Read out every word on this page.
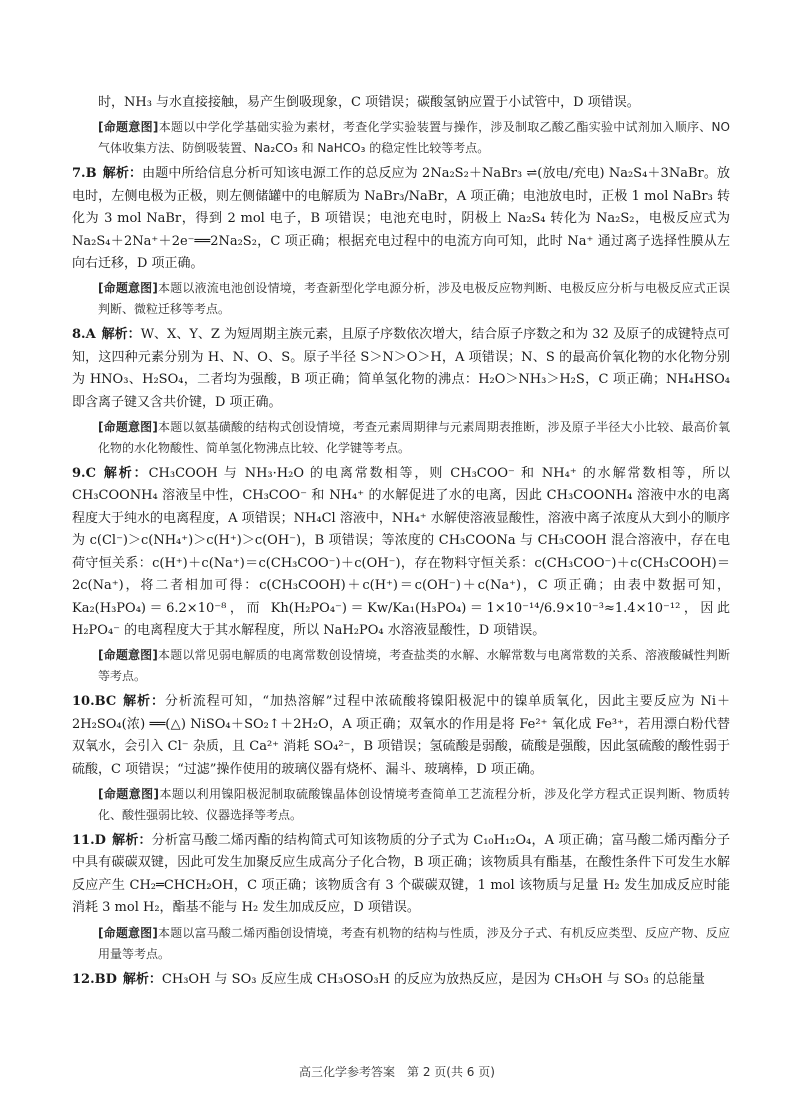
时，NH₃ 与水直接接触，易产生倒吸现象，C 项错误；碳酸氢钠应置于小试管中，D 项错误。

[命题意图]本题以中学化学基础实验为素材，考查化学实验装置与操作，涉及制取乙酸乙酯实验中试剂加入顺序、NO 气体收集方法、防倒吸装置、Na₂CO₃ 和 NaHCO₃ 的稳定性比较等考点。

7.B 解析：由题中所给信息分析可知该电源工作的总反应为 2Na₂S₂＋NaBr₃ ⇌(放电/充电) Na₂S₄＋3NaBr。放电时，左侧电极为正极，则左侧储罐中的电解质为 NaBr₃/NaBr，A 项正确；电池放电时，正极 1 mol NaBr₃ 转化为 3 mol NaBr，得到 2 mol 电子，B 项错误；电池充电时，阴极上 Na₂S₄ 转化为 Na₂S₂，电极反应式为 Na₂S₄＋2Na⁺＋2e⁻══2Na₂S₂，C 项正确；根据充电过程中的电流方向可知，此时 Na⁺ 通过离子选择性膜从左向右迁移，D 项正确。

[命题意图]本题以液流电池创设情境，考查新型化学电源分析，涉及电极反应物判断、电极反应分析与电极反应式正误判断、微粒迁移等考点。

8.A 解析：W、X、Y、Z 为短周期主族元素，且原子序数依次增大，结合原子序数之和为 32 及原子的成键特点可知，这四种元素分别为 H、N、O、S。原子半径 S＞N＞O＞H，A 项错误；N、S 的最高价氧化物的水化物分别为 HNO₃、H₂SO₄，二者均为强酸，B 项正确；简单氢化物的沸点：H₂O＞NH₃＞H₂S，C 项正确；NH₄HSO₄ 即含离子键又含共价键，D 项正确。

[命题意图]本题以氨基磺酸的结构式创设情境，考查元素周期律与元素周期表推断，涉及原子半径大小比较、最高价氧化物的水化物酸性、简单氢化物沸点比较、化学键等考点。

9.C 解析：CH₃COOH 与 NH₃·H₂O 的电离常数相等，则 CH₃COO⁻ 和 NH₄⁺ 的水解常数相等，所以 CH₃COONH₄ 溶液呈中性，CH₃COO⁻ 和 NH₄⁺ 的水解促进了水的电离，因此 CH₃COONH₄ 溶液中水的电离程度大于纯水的电离程度，A 项错误；NH₄Cl 溶液中，NH₄⁺ 水解使溶液显酸性，溶液中离子浓度从大到小的顺序为 c(Cl⁻)＞c(NH₄⁺)＞c(H⁺)＞c(OH⁻)，B 项错误；等浓度的 CH₃COONa 与 CH₃COOH 混合溶液中，存在电荷守恒关系：c(H⁺)＋c(Na⁺)＝c(CH₃COO⁻)＋c(OH⁻)，存在物料守恒关系：c(CH₃COO⁻)＋c(CH₃COOH)＝2c(Na⁺)，将二者相加可得：c(CH₃COOH)＋c(H⁺)＝c(OH⁻)＋c(Na⁺)，C 项正确；由表中数据可知，Ka₂(H₃PO₄)＝6.2×10⁻⁸，而 Kh(H₂PO₄⁻)＝Kw/Ka₁(H₃PO₄)＝1×10⁻¹⁴/6.9×10⁻³≈1.4×10⁻¹²，因此 H₂PO₄⁻ 的电离程度大于其水解程度，所以 NaH₂PO₄ 水溶液显酸性，D 项错误。

[命题意图]本题以常见弱电解质的电离常数创设情境，考查盐类的水解、水解常数与电离常数的关系、溶液酸碱性判断等考点。

10.BC 解析：分析流程可知，“加热溶解”过程中浓硫酸将镍阳极泥中的镍单质氧化，因此主要反应为 Ni＋2H₂SO₄(浓) ══(△) NiSO₄＋SO₂↑＋2H₂O，A 项正确；双氧水的作用是将 Fe²⁺ 氧化成 Fe³⁺，若用漂白粉代替双氧水，会引入 Cl⁻ 杂质，且 Ca²⁺ 消耗 SO₄²⁻，B 项错误；氢硫酸是弱酸，硫酸是强酸，因此氢硫酸的酸性弱于硫酸，C 项错误；“过滤”操作使用的玻璃仪器有烧杯、漏斗、玻璃棒，D 项正确。

[命题意图]本题以利用镍阳极泥制取硫酸镍晶体创设情境考查简单工艺流程分析，涉及化学方程式正误判断、物质转化、酸性强弱比较、仪器选择等考点。

11.D 解析：分析富马酸二烯丙酯的结构简式可知该物质的分子式为 C₁₀H₁₂O₄，A 项正确；富马酸二烯丙酯分子中具有碳碳双键，因此可发生加聚反应生成高分子化合物，B 项正确；该物质具有酯基，在酸性条件下可发生水解反应产生 CH₂═CHCH₂OH，C 项正确；该物质含有 3 个碳碳双键，1 mol 该物质与足量 H₂ 发生加成反应时能消耗 3 mol H₂，酯基不能与 H₂ 发生加成反应，D 项错误。

[命题意图]本题以富马酸二烯丙酯创设情境，考查有机物的结构与性质，涉及分子式、有机反应类型、反应产物、反应用量等考点。

12.BD 解析：CH₃OH 与 SO₃ 反应生成 CH₃OSO₃H 的反应为放热反应，是因为 CH₃OH 与 SO₃ 的总能量

高三化学参考答案　第 2 页(共 6 页)
